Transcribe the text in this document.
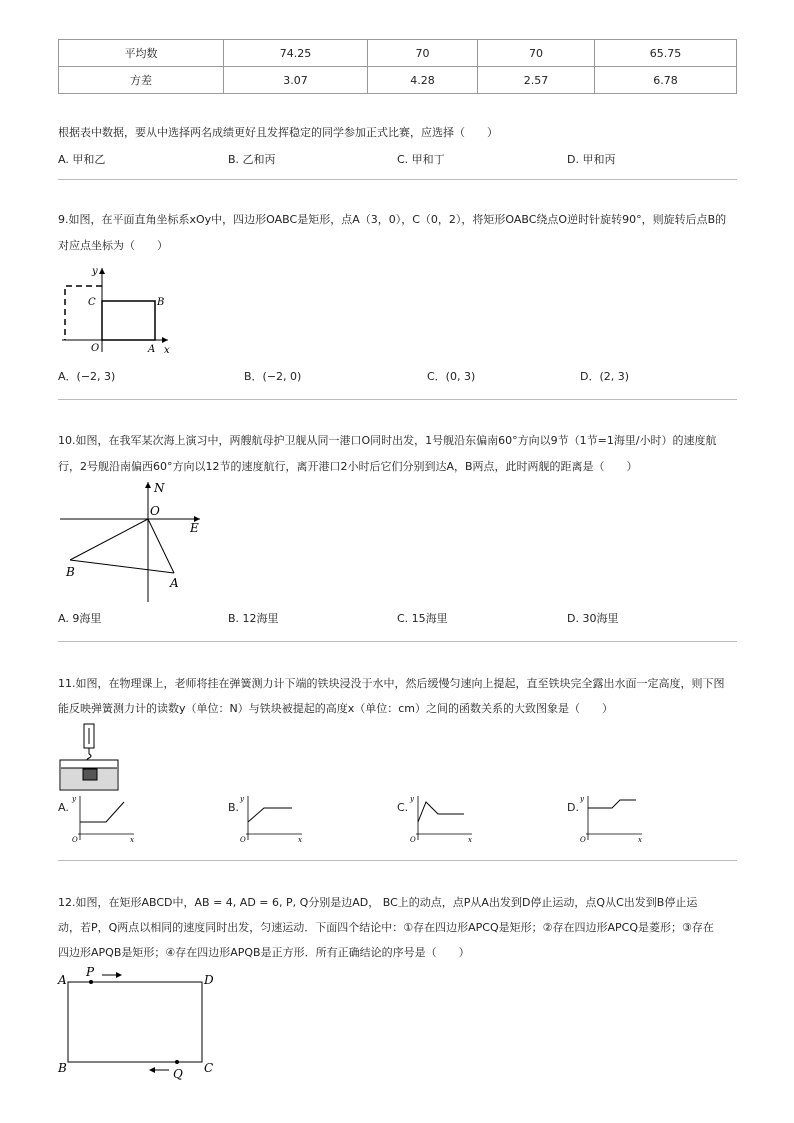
平均数	74.25	70	70	65.75
方差	3.07	4.28	2.57	6.78
根据表中数据，要从中选择两名成绩更好且发挥稳定的同学参加正式比赛，应选择（　　）
A. 甲和乙	B. 乙和丙	C. 甲和丁	D. 甲和丙
9.如图，在平面直角坐标系xOy中，四边形OABC是矩形，点A（3，0），C（0，2），将矩形OABC绕点O逆时针旋转90°，则旋转后点B的
对应点坐标为（　　）
y
C	B
O	A x
A．(−2, 3)	B．(−2, 0)	C．(0, 3)	D．(2, 3)
10.如图，在我军某次海上演习中，两艘航母护卫舰从同一港口O同时出发，1号舰沿东偏南60°方向以9节（1节=1海里/小时）的速度航
行，2号舰沿南偏西60°方向以12节的速度航行，离开港口2小时后它们分别到达A，B两点，此时两舰的距离是（　　）
N
O
E
B
A
A. 9海里	B. 12海里	C. 15海里	D. 30海里
11.如图，在物理课上，老师将挂在弹簧测力计下端的铁块浸没于水中，然后缓慢匀速向上提起，直至铁块完全露出水面一定高度，则下图
能反映弹簧测力计的读数y（单位：N）与铁块被提起的高度x（单位：cm）之间的函数关系的大致图象是（　　）
A.	B.	C.	D.
y
O	x
y
O	x
y
O	x
y
O	x
12.如图，在矩形ABCD中，AB = 4, AD = 6, P, Q分别是边AD， BC上的动点，点P从A出发到D停止运动，点Q从C出发到B停止运
动，若P，Q两点以相同的速度同时出发，匀速运动．下面四个结论中：①存在四边形APCQ是矩形；②存在四边形APCQ是菱形；③存在
四边形APQB是矩形；④存在四边形APQB是正方形．所有正确结论的序号是（　　）
A
P
D
B	Q C
